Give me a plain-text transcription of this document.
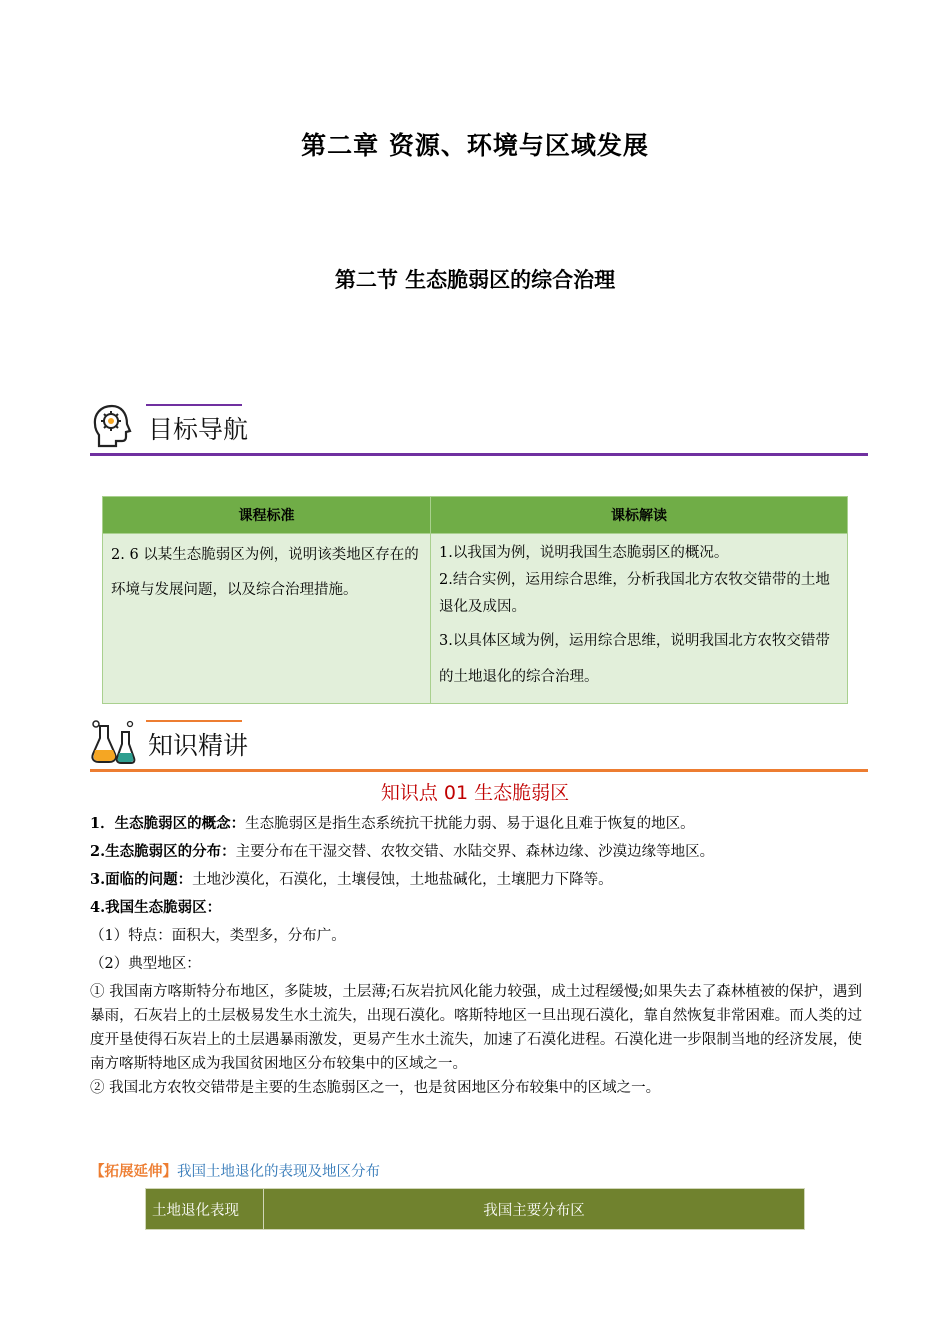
第二章 资源、环境与区域发展
第二节 生态脆弱区的综合治理
目标导航
课程标准	课标解读
2. 6 以某生态脆弱区为例，说明该类地区存在的环境与发展问题，以及综合治理措施。	1.以我国为例，说明我国生态脆弱区的概况。

2.结合实例，运用综合思维，分析我国北方农牧交错带的土地退化及成因。

3.以具体区域为例，运用综合思维，说明我国北方农牧交错带的土地退化的综合治理。

知识精讲
知识点 01 生态脆弱区

1．生态脆弱区的概念：生态脆弱区是指生态系统抗干扰能力弱、易于退化且难于恢复的地区。

2.生态脆弱区的分布：主要分布在干湿交替、农牧交错、水陆交界、森林边缘、沙漠边缘等地区。

3.面临的问题：土地沙漠化，石漠化，土壤侵蚀，土地盐碱化，土壤肥力下降等。

4.我国生态脆弱区：

（1）特点：面积大，类型多，分布广。

（2）典型地区：

① 我国南方喀斯特分布地区，多陡坡，土层薄;石灰岩抗风化能力较强，成土过程缓慢;如果失去了森林植被的保护，遇到暴雨，石灰岩上的土层极易发生水土流失，出现石漠化。喀斯特地区一旦出现石漠化，靠自然恢复非常困难。而人类的过度开垦使得石灰岩上的土层遇暴雨激发，更易产生水土流失，加速了石漠化进程。石漠化进一步限制当地的经济发展，使南方喀斯特地区成为我国贫困地区分布较集中的区域之一。

② 我国北方农牧交错带是主要的生态脆弱区之一，也是贫困地区分布较集中的区域之一。

【拓展延伸】我国土地退化的表现及地区分布
土地退化表现	我国主要分布区
